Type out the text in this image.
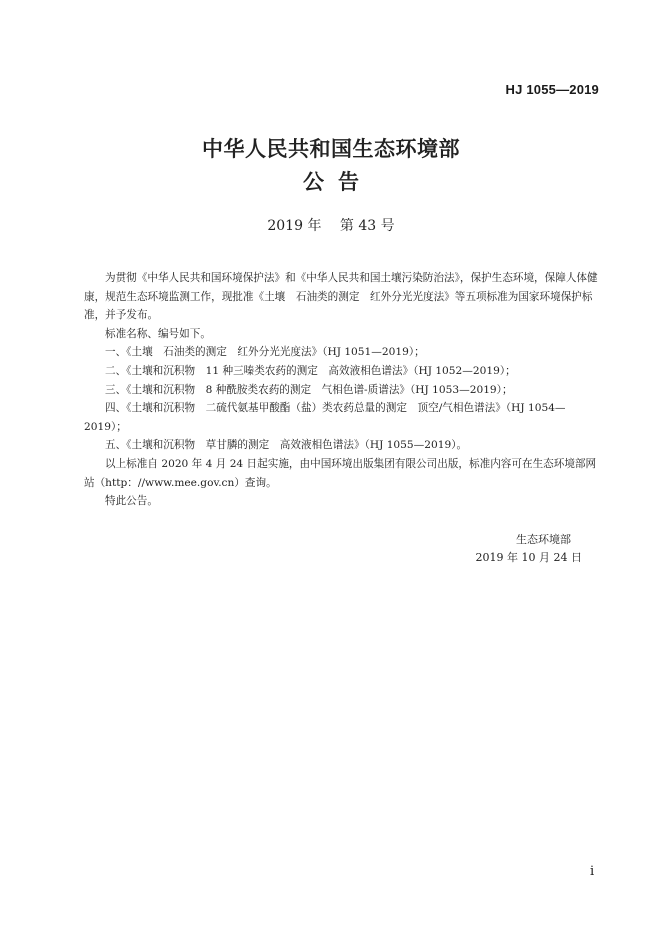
HJ 1055—2019
中华人民共和国生态环境部
公告
2019 年　 第 43 号

为贯彻《中华人民共和国环境保护法》和《中华人民共和国土壤污染防治法》，保护生态环境，保障人体健康，规范生态环境监测工作，现批准《土壤　石油类的测定　红外分光光度法》等五项标准为国家环境保护标准，并予发布。

标准名称、编号如下。

一、《土壤　石油类的测定　红外分光光度法》（HJ 1051—2019）；

二、《土壤和沉积物　11 种三嗪类农药的测定　高效液相色谱法》（HJ 1052—2019）；

三、《土壤和沉积物　8 种酰胺类农药的测定　气相色谱-质谱法》（HJ 1053—2019）；

四、《土壤和沉积物　二硫代氨基甲酸酯（盐）类农药总量的测定　顶空/气相色谱法》（HJ 1054—2019）；

五、《土壤和沉积物　草甘膦的测定　高效液相色谱法》（HJ 1055—2019）。

以上标准自 2020 年 4 月 24 日起实施，由中国环境出版集团有限公司出版，标准内容可在生态环境部网站（http：//www.mee.gov.cn）查询。

特此公告。

生态环境部
2019 年 10 月 24 日
i
